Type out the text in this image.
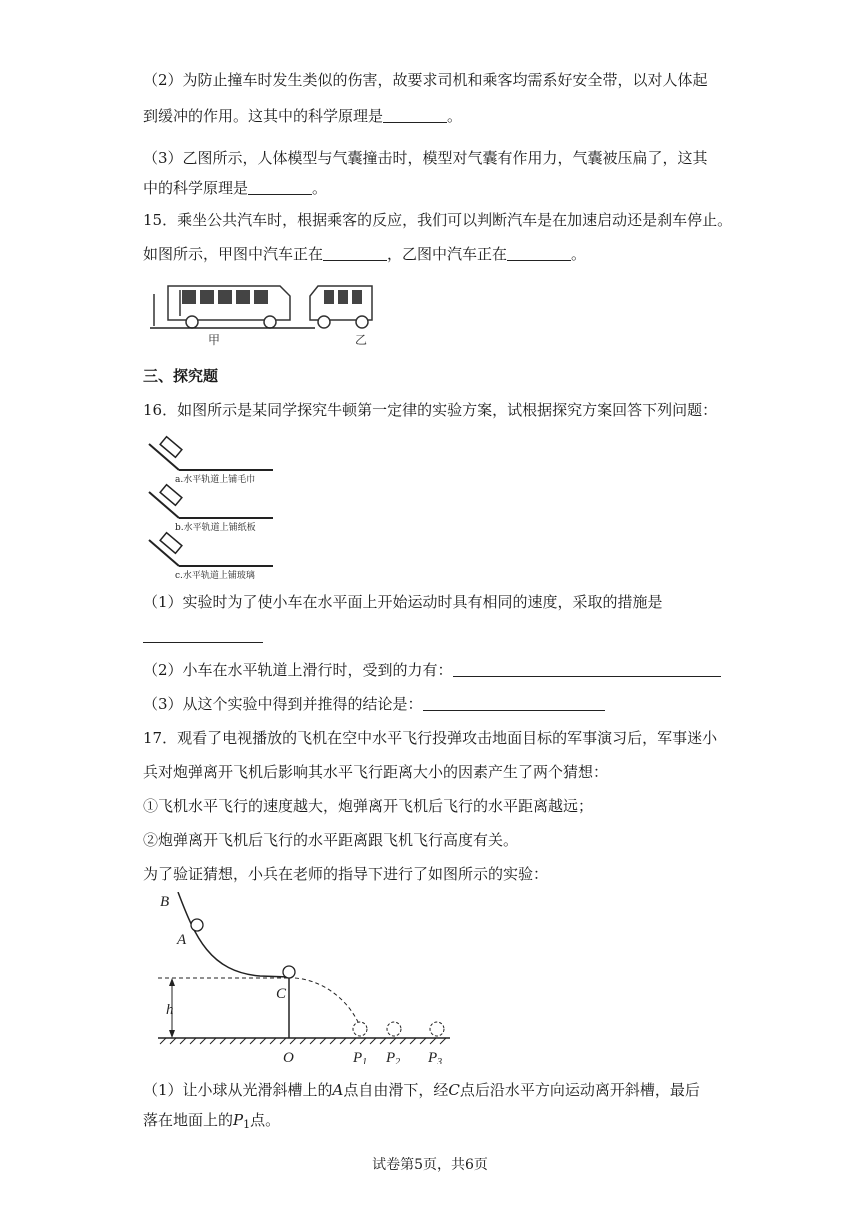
（2）为防止撞车时发生类似的伤害，故要求司机和乘客均需系好安全带，以对人体起
到缓冲的作用。这其中的科学原理是	。
（3）乙图所示，人体模型与气囊撞击时，模型对气囊有作用力，气囊被压扁了，这其
中的科学原理是	。
15．乘坐公共汽车时，根据乘客的反应，我们可以判断汽车是在加速启动还是刹车停止。
如图所示，甲图中汽车正在	，乙图中汽车正在	。
甲	乙
三、探究题
16．如图所示是某同学探究牛顿第一定律的实验方案，试根据探究方案回答下列问题：
a.水平轨道上铺毛巾
b.水平轨道上铺纸板
c.水平轨道上铺玻璃
（1）实验时为了使小车在水平面上开始运动时具有相同的速度，采取的措施是
（2）小车在水平轨道上滑行时，受到的力有：
（3）从这个实验中得到并推得的结论是：
17．观看了电视播放的飞机在空中水平飞行投弹攻击地面目标的军事演习后，军事迷小
兵对炮弹离开飞机后影响其水平飞行距离大小的因素产生了两个猜想：
①飞机水平飞行的速度越大，炮弹离开飞机后飞行的水平距离越远；
②炮弹离开飞机后飞行的水平距离跟飞机飞行高度有关。
为了验证猜想，小兵在老师的指导下进行了如图所示的实验：
B
A
C
h
O	$P_1$ $P_2$ $P_3$
（1）让小球从光滑斜槽上的A点自由滑下，经C点后沿水平方向运动离开斜槽，最后
落在地面上的$P_1$点。
试卷第5页，共6页
